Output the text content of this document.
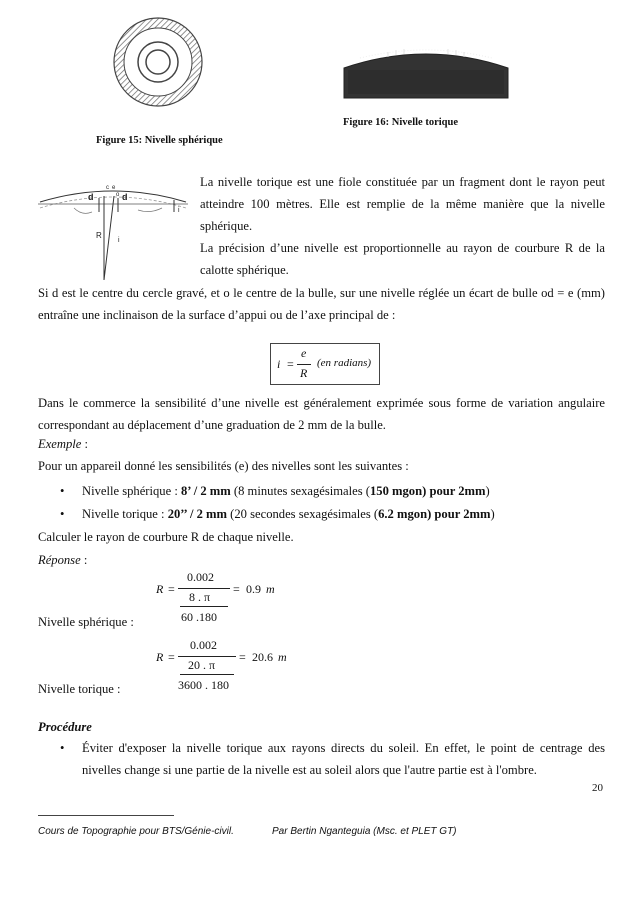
Figure 16: Nivelle torique
Figure 15: Nivelle sphérique
d
c e
o d
i
R
i
La nivelle torique est une fiole constituée par un fragment dont le rayon peut atteindre 100 mètres. Elle est remplie de la même manière que la nivelle sphérique.
La précision d’une nivelle est proportionnelle au rayon de courbure R de la calotte sphérique.
Si d est le centre du cercle gravé, et o le centre de la bulle, sur une nivelle réglée un écart de bulle od = e (mm) entraîne une inclinaison de la surface d’appui ou de l’axe principal de :
i =
e
R
(en radians)
Dans le commerce la sensibilité d’une nivelle est généralement exprimée sous forme de variation angulaire correspondant au déplacement d’une graduation de 2 mm de la bulle.
Exemple :
Pour un appareil donné les sensibilités (e) des nivelles sont les suivantes :
• Nivelle sphérique : 8’ / 2 mm (8 minutes sexagésimales (150 mgon) pour 2mm)
• Nivelle torique : 20’’ / 2 mm (20 secondes sexagésimales (6.2 mgon) pour 2mm)
Calculer le rayon de courbure R de chaque nivelle.
Réponse :
R =
0.002
8 . π
60 .180
= 0.9 m
Nivelle sphérique :
R =
0.002
20 . π
3600 . 180
= 20.6 m
Nivelle torique :
Procédure
• Éviter d'exposer la nivelle torique aux rayons directs du soleil. En effet, le point de centrage des nivelles change si une partie de la nivelle est au soleil alors que l'autre partie est à l'ombre.
20
Cours de Topographie pour BTS/Génie-civil.	Par Bertin Nganteguia (Msc. et PLET GT)
